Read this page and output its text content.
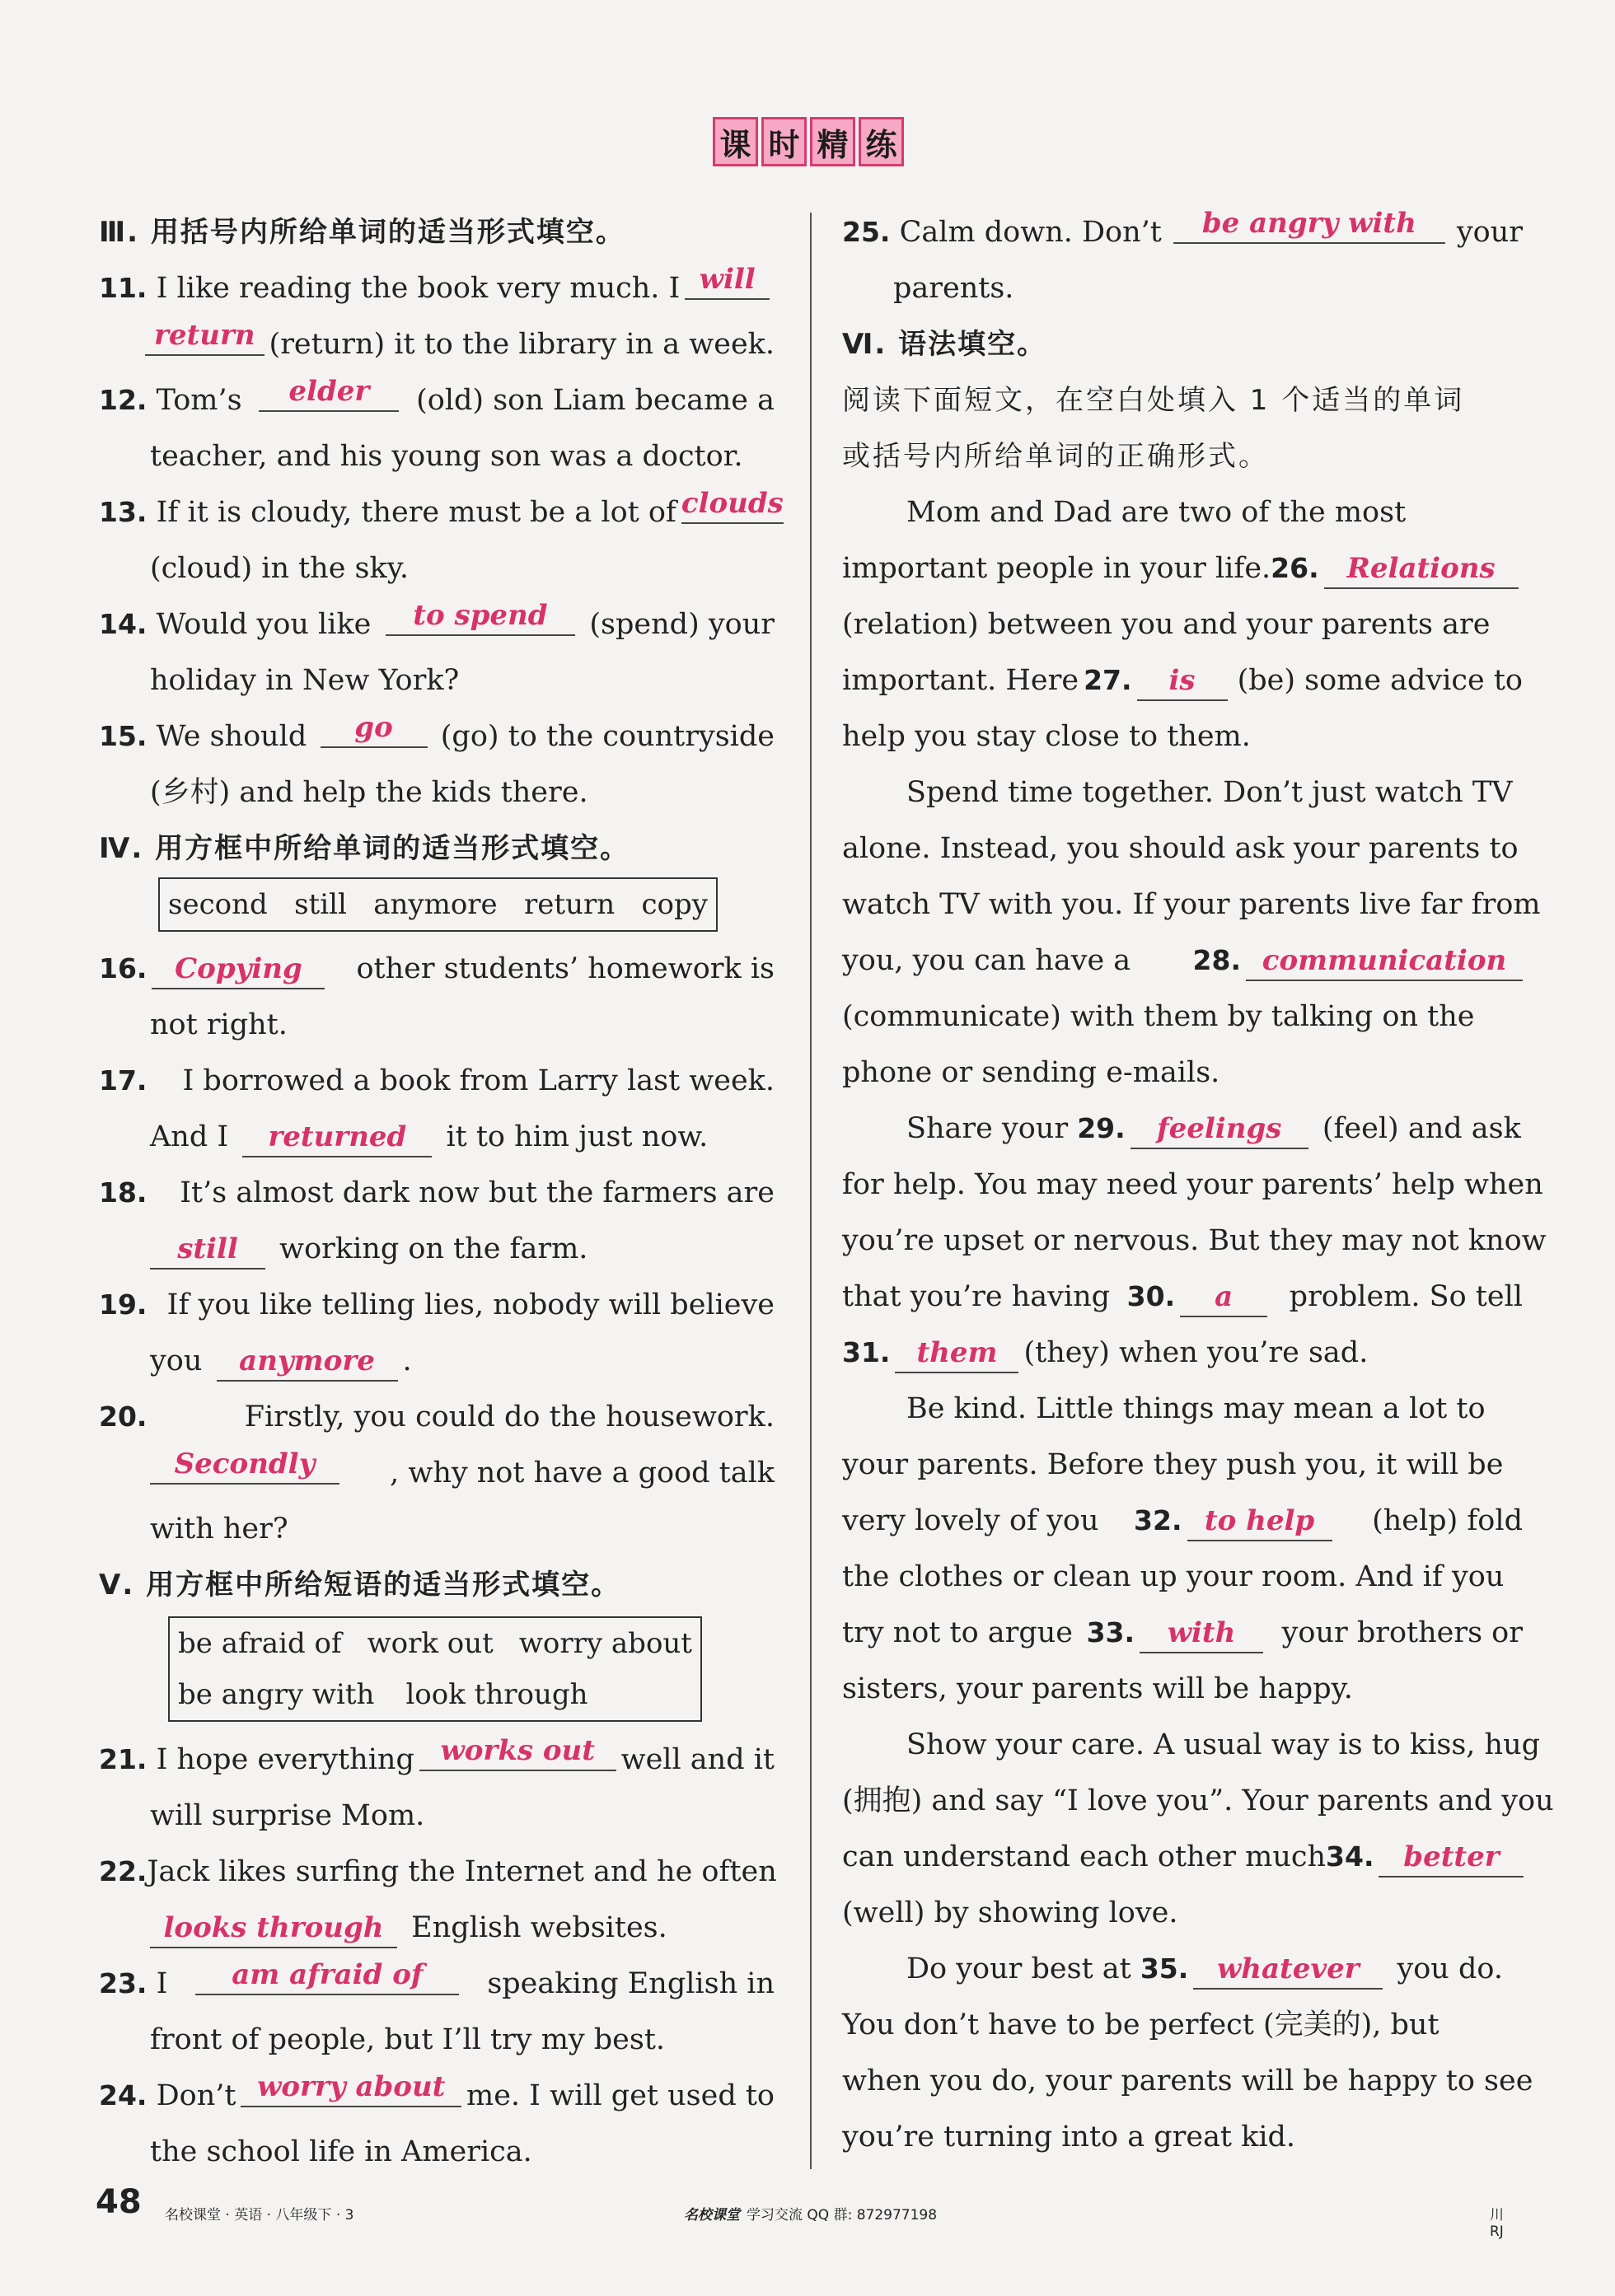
课 时 精 练
Ⅲ. 用括号内所给单词的适当形式填空。
11. I like reading the book very much. I will
return (return) it to the library in a week.
12. Tom’s	elder	(old) son Liam became a
teacher, and his young son was a doctor.
13. If it is cloudy, there must be a lot of clouds
(cloud) in the sky.
14. Would you like	to spend	(spend) your
holiday in New York?
15. We should	go	(go) to the countryside
(乡村) and help the kids there.
Ⅳ. 用方框中所给单词的适当形式填空。
second still anymore return copy
16. Copying	other students’ homework is
not right.
17. I borrowed a book from Larry last week.
And I returned it to him just now.
18. It’s almost dark now but the farmers are
still working on the farm.
19. If you like telling lies, nobody will believe
you anymore .
20.	Firstly, you could do the housework.
Secondly	, why not have a good talk
with her?
Ⅴ. 用方框中所给短语的适当形式填空。
be afraid of work out worry about
be angry with look through
21. I hope everything works out well and it
will surprise Mom.
22. Jack likes surfing the Internet and he often
looks through English websites.
23. I	am afraid of	speaking English in
front of people, but I’ll try my best.
24. Don’t worry about me. I will get used to
the school life in America.
25. Calm down. Don’t	be angry with	your
parents.
Ⅵ. 语法填空。
阅读下面短文，在空白处填入 1 个适当的单词
或括号内所给单词的正确形式。
Mom and Dad are two of the most
important people in your life. 26. Relations
(relation) between you and your parents are
important. Here 27. is	(be) some advice to
help you stay close to them.
Spend time together. Don’t just watch TV
alone. Instead, you should ask your parents to
watch TV with you. If your parents live far from
you, you can have a 28. communication
(communicate) with them by talking on the
phone or sending e-mails.
Share your 29. feelings (feel) and ask
for help. You may need your parents’ help when
you’re upset or nervous. But they may not know
that you’re having 30. a	problem. So tell
31. them (they) when you’re sad.
Be kind. Little things may mean a lot to
your parents. Before they push you, it will be
very lovely of you 32. to help	(help) fold
the clothes or clean up your room. And if you
try not to argue 33. with	your brothers or
sisters, your parents will be happy.
Show your care. A usual way is to kiss, hug
(拥抱) and say “I love you”. Your parents and you
can understand each other much 34. better
(well) by showing love.
Do your best at 35. whatever you do.
You don’t have to be perfect (完美的), but
when you do, your parents will be happy to see
you’re turning into a great kid.
48 名校课堂 · 英语 · 八年级下 · 3	名校课堂 学习交流 QQ 群: 872977198	川 RJ
